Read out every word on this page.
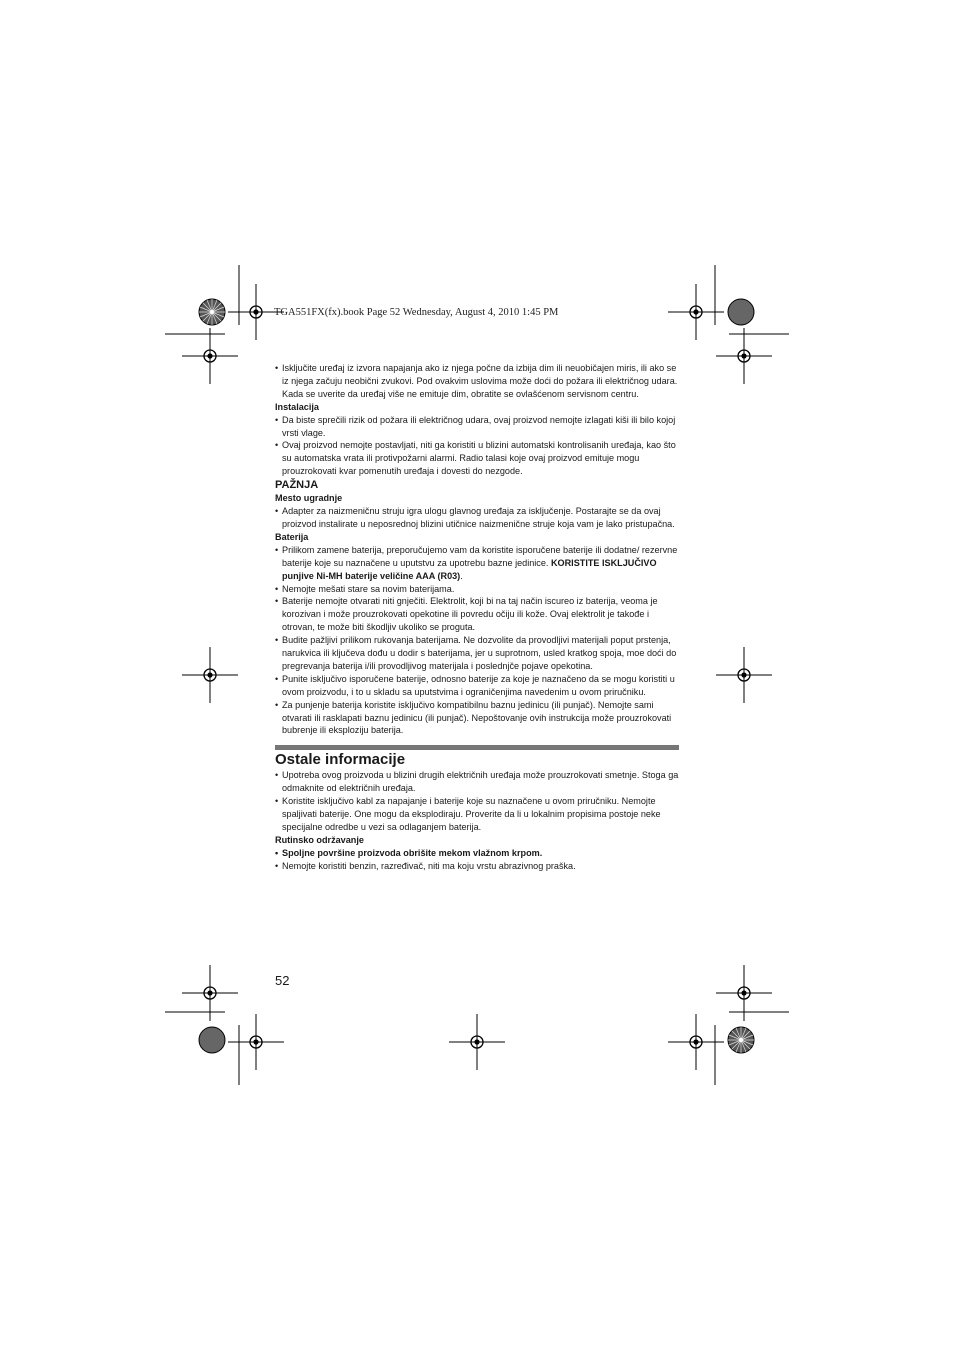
TGA551FX(fx).book Page 52 Wednesday, August 4, 2010 1:45 PM

• Isključite uređaj iz izvora napajanja ako iz njega počne da izbija dim ili neuobičajen miris, ili ako se iz njega začuju neobični zvukovi. Pod ovakvim uslovima može doći do požara ili električnog udara. Kada se uverite da uređaj više ne emituje dim, obratite se ovlašćenom servisnom centru.

Instalacija

• Da biste sprečili rizik od požara ili električnog udara, ovaj proizvod nemojte izlagati kiši ili bilo kojoj vrsti vlage.

• Ovaj proizvod nemojte postavljati, niti ga koristiti u blizini automatski kontrolisanih uređaja, kao što su automatska vrata ili protivpožarni alarmi. Radio talasi koje ovaj proizvod emituje mogu prouzrokovati kvar pomenutih uređaja i dovesti do nezgode.

PAŽNJA

Mesto ugradnje

• Adapter za naizmeničnu struju igra ulogu glavnog uređaja za isključenje. Postarajte se da ovaj proizvod instalirate u neposrednoj blizini utičnice naizmenične struje koja vam je lako pristupačna.

Baterija

• Prilikom zamene baterija, preporučujemo vam da koristite isporučene baterije ili dodatne/ rezervne baterije koje su naznačene u uputstvu za upotrebu bazne jedinice. KORISTITE ISKLJUČIVO punjive Ni-MH baterije veličine AAA (R03).

• Nemojte mešati stare sa novim baterijama.

• Baterije nemojte otvarati niti gnječiti. Elektrolit, koji bi na taj način iscureo iz baterija, veoma je korozivan i može prouzrokovati opekotine ili povredu očiju ili kože. Ovaj elektrolit je takođe i otrovan, te može biti škodljiv ukoliko se proguta.

• Budite pažljivi prilikom rukovanja baterijama. Ne dozvolite da provodljivi materijali poput prstenja, narukvica ili ključeva dođu u dodir s baterijama, jer u suprotnom, usled kratkog spoja, moe doći do pregrevanja baterija i/ili provodljivog materijala i poslednjče pojave opekotina.

• Punite isključivo isporučene baterije, odnosno baterije za koje je naznačeno da se mogu koristiti u ovom proizvodu, i to u skladu sa uputstvima i ograničenjima navedenim u ovom priručniku.

• Za punjenje baterija koristite isključivo kompatibilnu baznu jedinicu (ili punjač). Nemojte sami otvarati ili rasklapati baznu jedinicu (ili punjač). Nepoštovanje ovih instrukcija može prouzrokovati bubrenje ili eksploziju baterija.

Ostale informacije

• Upotreba ovog proizvoda u blizini drugih električnih uređaja može prouzrokovati smetnje. Stoga ga odmaknite od električnih uređaja.

• Koristite isključivo kabl za napajanje i baterije koje su naznačene u ovom priručniku. Nemojte spaljivati baterije. One mogu da eksplodiraju. Proverite da li u lokalnim propisima postoje neke specijalne odredbe u vezi sa odlaganjem baterija.

Rutinsko održavanje

• Spoljne površine proizvoda obrišite mekom vlažnom krpom.

• Nemojte koristiti benzin, razređivač, niti ma koju vrstu abrazivnog praška.

52
